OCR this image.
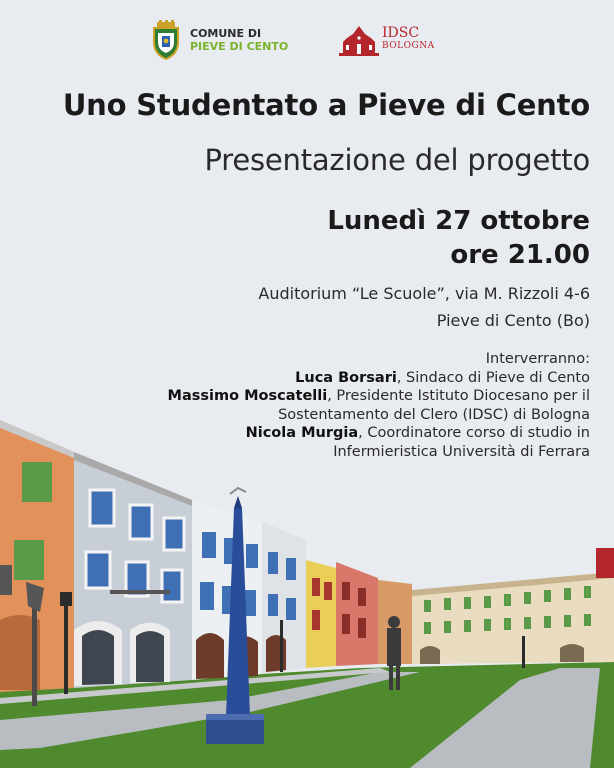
COMUNE DI
PIEVE DI CENTO
IDSC
BOLOGNA
Uno Studentato a Pieve di Cento
Presentazione del progetto
Lunedì 27 ottobre
ore 21.00
Auditorium “Le Scuole”, via M. Rizzoli 4-6
Pieve di Cento (Bo)
Interverranno:
Luca Borsari, Sindaco di Pieve di Cento
Massimo Moscatelli, Presidente Istituto Diocesano per il
Sostentamento del Clero (IDSC) di Bologna
Nicola Murgia, Coordinatore corso di studio in
Infermieristica Università di Ferrara
